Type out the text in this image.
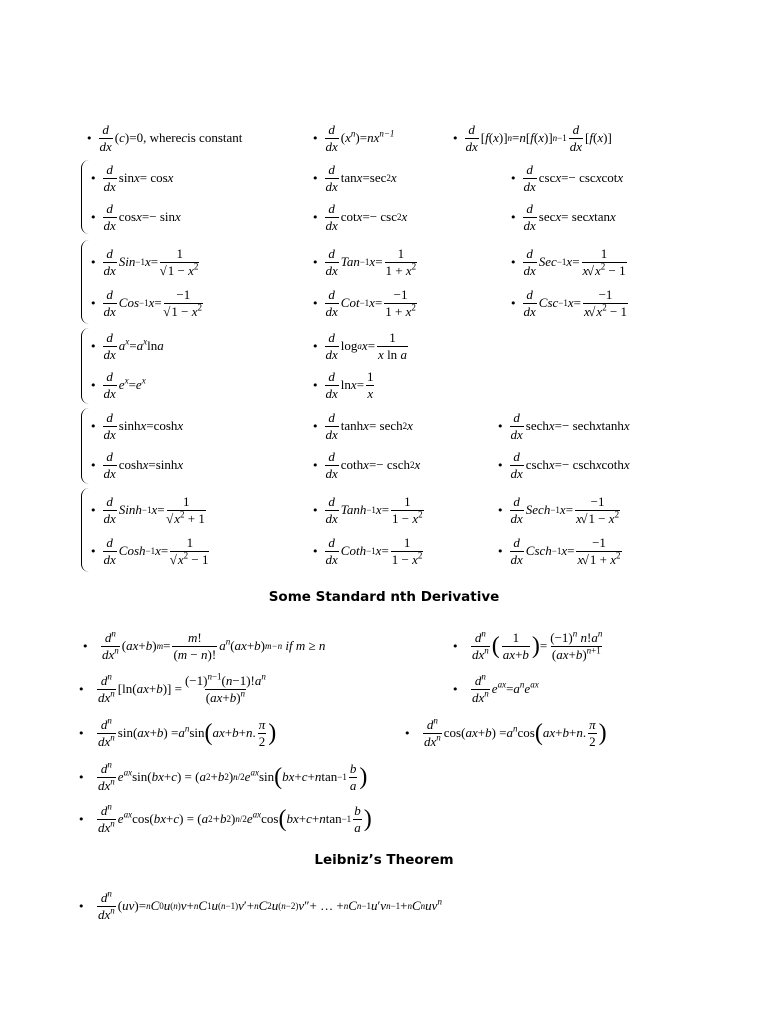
•
d
dx
( c )=0 , where c is constant	•
d
dx
( $x^n$ )= $nx^{n-1}$	•
d
dx
[ f ( x )] n = n [ f ( x )] n−1
d
dx
[ f ( x )]
•
d
dx
sin x = cos x	•
d
dx
tan x =sec 2 x	•
d
dx
csc x =− csc x cot x
•
d
dx
cos x =− sin x	•
d
dx
cot x =− csc 2 x	•
d
dx
sec x = sec x tan x
•
d
dx
Sin −1 x =
1
√ $1 - x^2$	•
d
dx
Tan −1 x =
1
$1 + x^2$	•
d
dx
Sec −1 x =
1
x √ $x^2 - 1$
•
d
dx
Cos −1 x =
−1
√ $1 - x^2$	•
d
dx
Cot −1 x =
−1
$1 + x^2$	•
d
dx
Csc −1 x =
−1
x √ $x^2 - 1$
•
d
dx
$a^x = a^x$ ln a	•
d
dx
log a x =
1
x ln a
•
d
dx
$e^x = e^x$	•
d
dx
ln x =
1
x
•
d
dx
sinh x =cosh x	•
d
dx
tanh x = sech 2 x	•
d
dx
sech x =− sech x tanh x
•
d
dx
cosh x =sinh x	•
d
dx
coth x =− csch 2 x	•
d
dx
csch x =− csch x coth x
•
d
dx
Sinh −1 x =
1
√ $x^2 + 1$
•
d
dx
Tanh −1 x =
1
$1 - x^2$	•
d
dx
Sech −1 x =
−1
x √ $1 - x^2$
•
d
dx
Cosh −1 x =
1
√ $x^2 - 1$
•
d
dx
Coth −1 x =
1
$1 - x^2$	•
d
dx
Csch −1 x =
−1
x √ $1 + x^2$
Some Standard nth Derivative
•

$d^n$
$dx^n$ ( ax + b ) m =
m!
(m − n)!
$a^n$ ( ax + b ) m−n
if
m ≥ n	•

$d^n$
$dx^n$ ( 1
ax+b ) =
$(-1)^n$ $n!a^n$
$(ax+b)^{n+1}$
•

$d^n$
$dx^n$ [ln( ax + b )] =
$(-1)^{n-1}(n-1)!a^n$
$(ax+b)^n$	•

$d^n$
$dx^n$ $e^{ax} = a^ne^{ax}$
•

$d^n$
$dx^n$ sin( ax + b ) = $a^n$ sin ( ax + b + n .
π
2 )	•

$d^n$
$dx^n$ cos( ax + b ) = $a^n$ cos ( ax + b + n .
π
2 )
•

$d^n$
$dx^n$ $e^{ax}$ sin( bx + c ) = ( a 2 + b 2 ) n/2 $e^{ax}$ sin ( bx + c + n tan −1
b
a )
•

$d^n$
$dx^n$ $e^{ax}$ cos( bx + c ) = ( a 2 + b 2 ) n/2 $e^{ax}$ cos ( bx + c + n tan −1
b
a )
Leibniz’s Theorem
•

$d^n$
$dx^n$ ( uv )= n C 0 u (n) v + n C 1 u (n−1) v ′+ n C 2 u (n−2) v ″+ … + n C n−1 u ′ v n−1 + n C n $uv^n$
